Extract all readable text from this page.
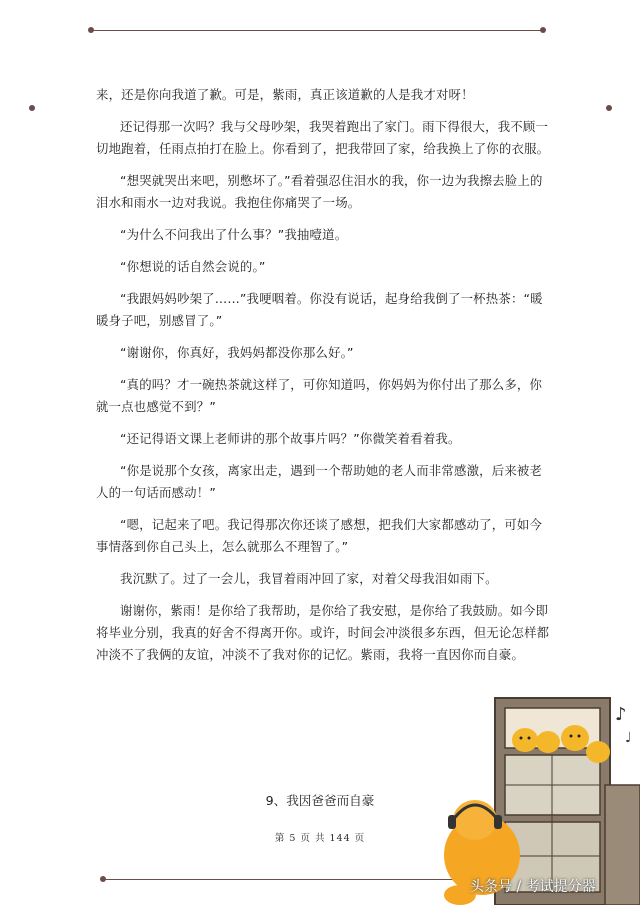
来，还是你向我道了歉。可是，紫雨，真正该道歉的人是我才对呀！

还记得那一次吗？我与父母吵架，我哭着跑出了家门。雨下得很大，我不顾一切地跑着，任雨点拍打在脸上。你看到了，把我带回了家，给我换上了你的衣服。

“想哭就哭出来吧，别憋坏了。”看着强忍住泪水的我，你一边为我擦去脸上的泪水和雨水一边对我说。我抱住你痛哭了一场。

“为什么不问我出了什么事？”我抽噎道。

“你想说的话自然会说的。”

“我跟妈妈吵架了……”我哽咽着。你没有说话，起身给我倒了一杯热茶：“暖暖身子吧，别感冒了。”

“谢谢你，你真好，我妈妈都没你那么好。”

“真的吗？才一碗热茶就这样了，可你知道吗，你妈妈为你付出了那么多，你就一点也感觉不到？”

“还记得语文课上老师讲的那个故事片吗？”你微笑着看着我。

“你是说那个女孩，离家出走，遇到一个帮助她的老人而非常感激，后来被老人的一句话而感动！”

“嗯，记起来了吧。我记得那次你还谈了感想，把我们大家都感动了，可如今事情落到你自己头上，怎么就那么不理智了。”

我沉默了。过了一会儿，我冒着雨冲回了家，对着父母我泪如雨下。

谢谢你，紫雨！是你给了我帮助，是你给了我安慰，是你给了我鼓励。如今即将毕业分别，我真的好舍不得离开你。或许，时间会冲淡很多东西，但无论怎样都冲淡不了我俩的友谊，冲淡不了我对你的记忆。紫雨，我将一直因你而自豪。

9、我因爸爸而自豪
第 5 页 共 144 页
♪
♩
头条号 / 考试提分器
